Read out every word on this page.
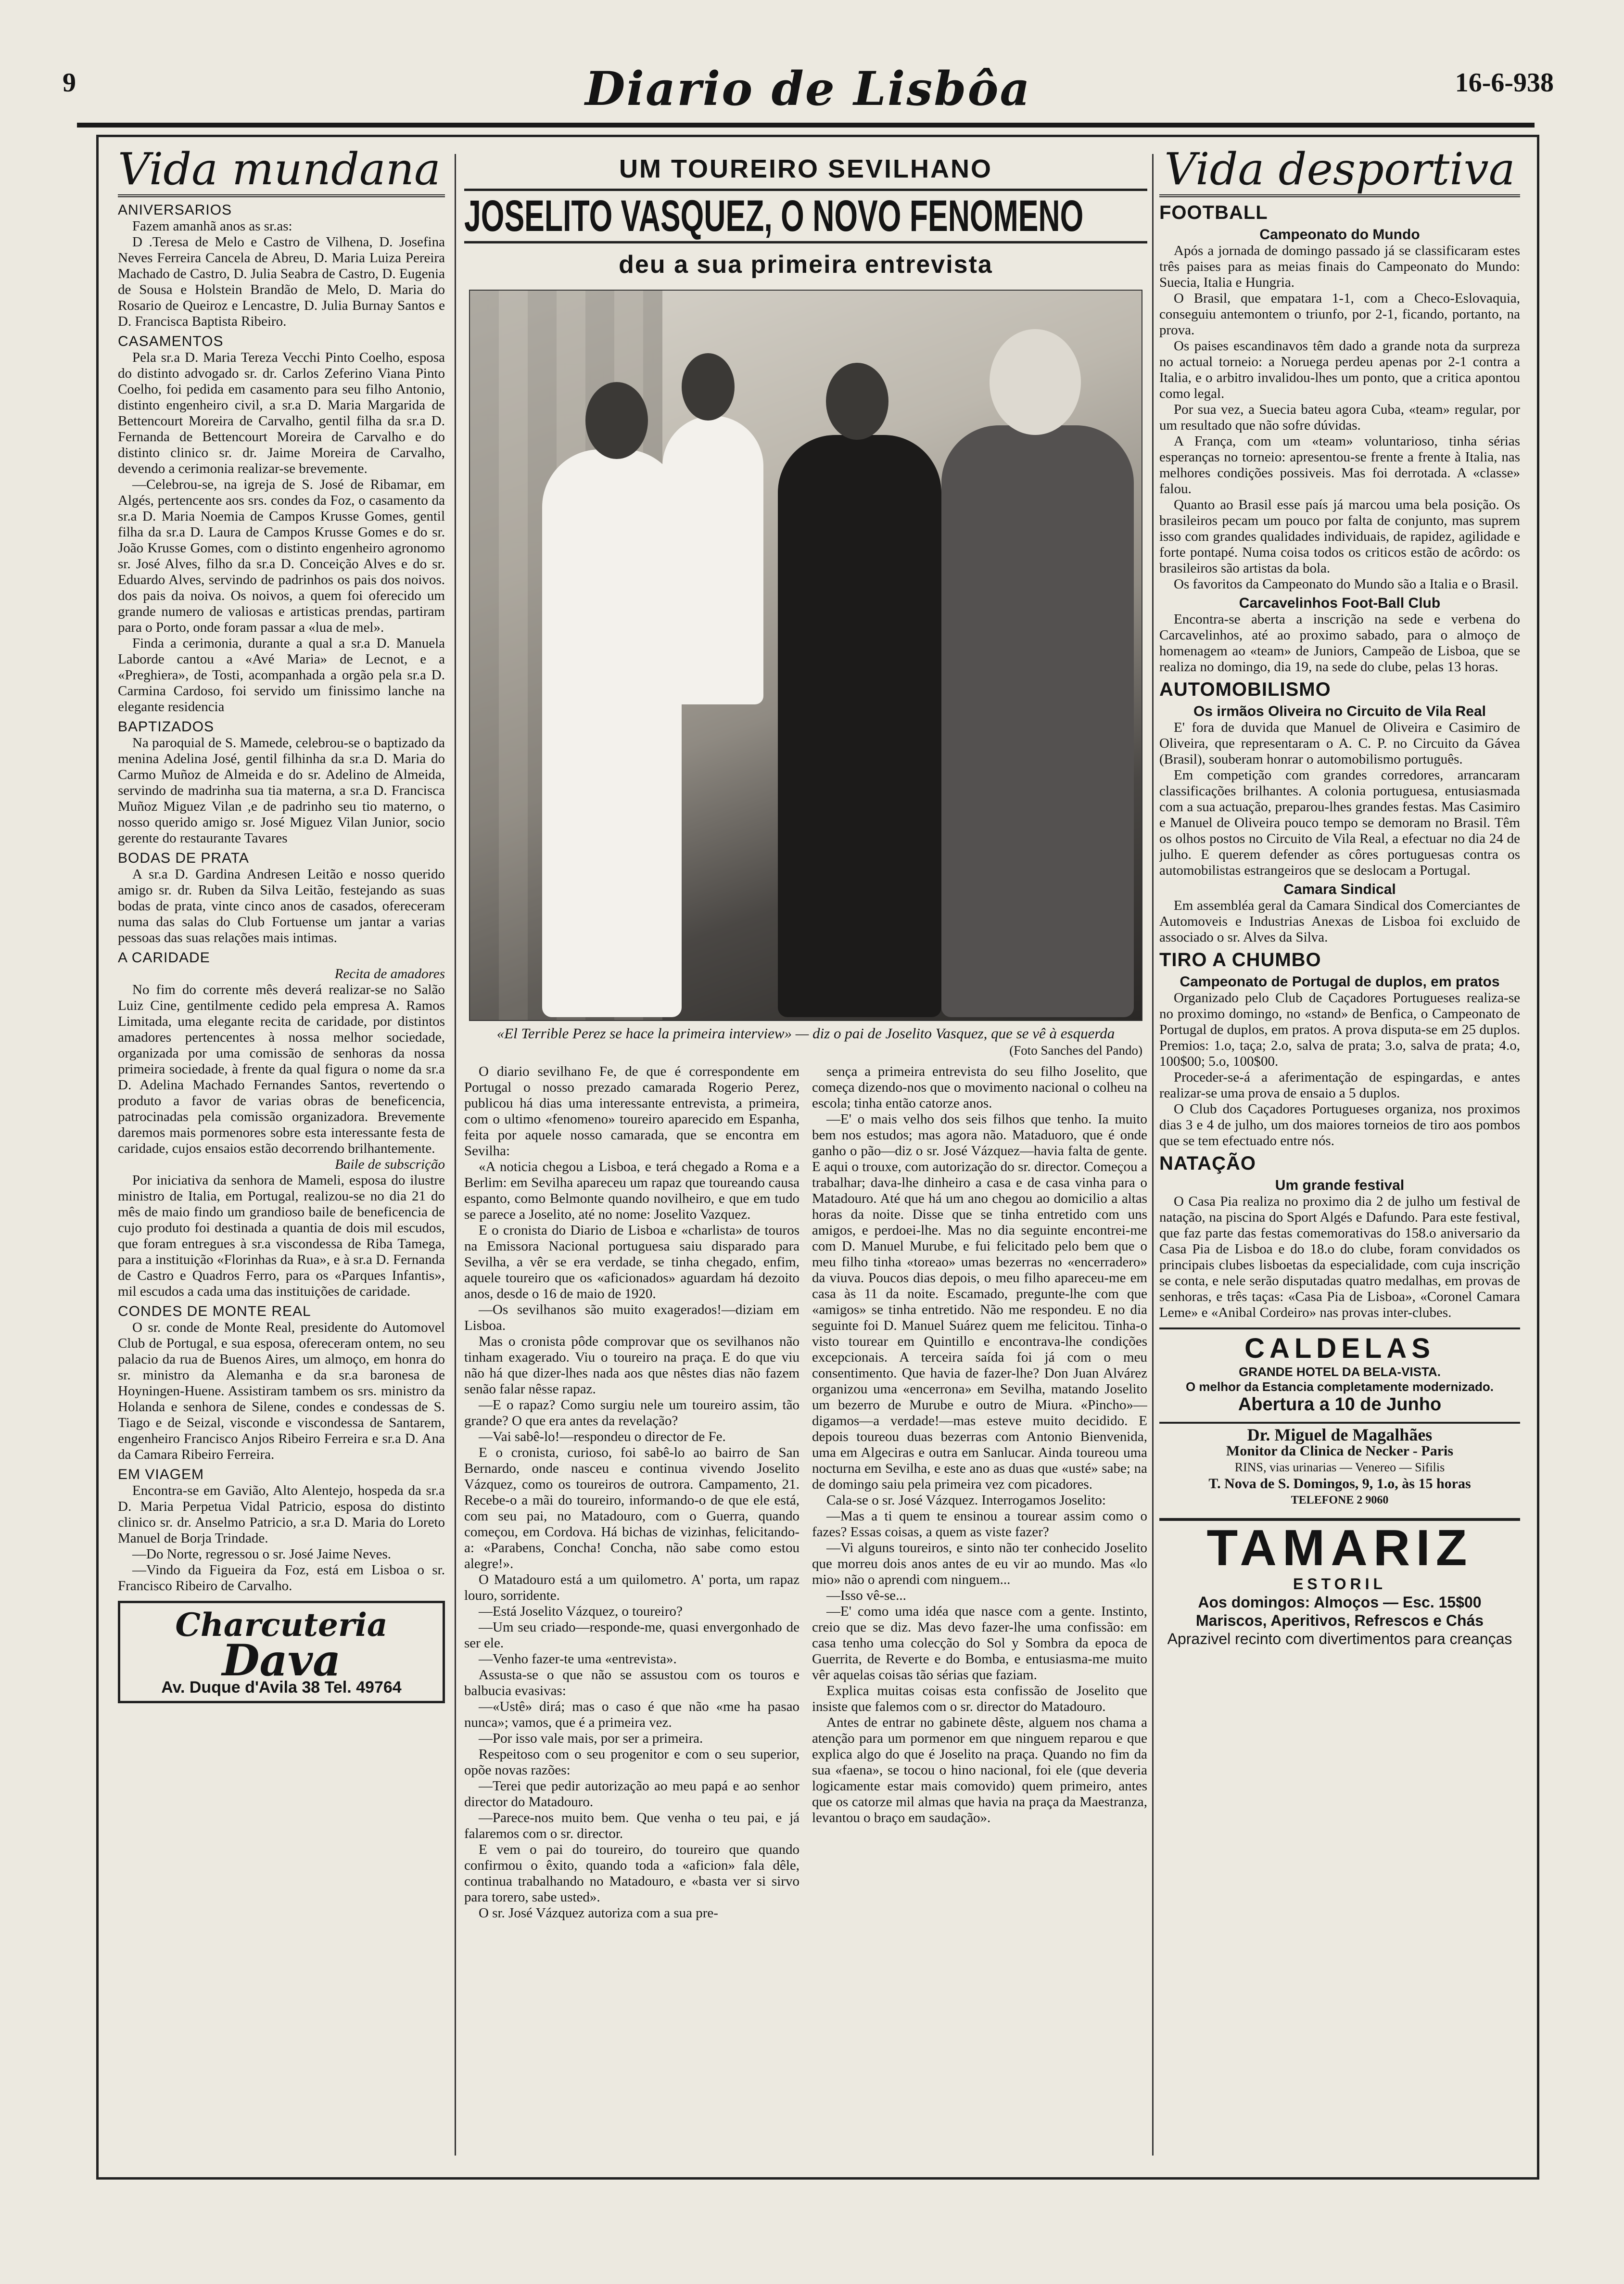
9	Diario de Lisbôa	16-6-938
Vida mundana
ANIVERSARIOS
Fazem amanhã anos as sr.as:
D .Teresa de Melo e Castro de Vilhena, D. Josefina Neves Ferreira Cancela de Abreu, D. Maria Luiza Pereira Machado de Castro, D. Julia Seabra de Castro, D. Eugenia de Sousa e Holstein Brandão de Melo, D. Maria do Rosario de Queiroz e Lencastre, D. Julia Burnay Santos e D. Francisca Baptista Ribeiro.
CASAMENTOS
Pela sr.a D. Maria Tereza Vecchi Pinto Coelho, esposa do distinto advogado sr. dr. Carlos Zeferino Viana Pinto Coelho, foi pedida em casamento para seu filho Antonio, distinto engenheiro civil, a sr.a D. Maria Margarida de Bettencourt Moreira de Carvalho, gentil filha da sr.a D. Fernanda de Bettencourt Moreira de Carvalho e do distinto clinico sr. dr. Jaime Moreira de Carvalho, devendo a cerimonia realizar-se brevemente.
—Celebrou-se, na igreja de S. José de Ribamar, em Algés, pertencente aos srs. condes da Foz, o casamento da sr.a D. Maria Noemia de Campos Krusse Gomes, gentil filha da sr.a D. Laura de Campos Krusse Gomes e do sr. João Krusse Gomes, com o distinto engenheiro agronomo sr. José Alves, filho da sr.a D. Conceição Alves e do sr. Eduardo Alves, servindo de padrinhos os pais dos noivos. dos pais da noiva. Os noivos, a quem foi oferecido um grande numero de valiosas e artisticas prendas, partiram para o Porto, onde foram passar a «lua de mel».
Finda a cerimonia, durante a qual a sr.a D. Manuela Laborde cantou a «Avé Maria» de Lecnot, e a «Preghiera», de Tosti, acompanhada a orgão pela sr.a D. Carmina Cardoso, foi servido um finissimo lanche na elegante residencia
BAPTIZADOS
Na paroquial de S. Mamede, celebrou-se o baptizado da menina Adelina José, gentil filhinha da sr.a D. Maria do Carmo Muñoz de Almeida e do sr. Adelino de Almeida, servindo de madrinha sua tia materna, a sr.a D. Francisca Muñoz Miguez Vilan ,e de padrinho seu tio materno, o nosso querido amigo sr. José Miguez Vilan Junior, socio gerente do restaurante Tavares
BODAS DE PRATA
A sr.a D. Gardina Andresen Leitão e nosso querido amigo sr. dr. Ruben da Silva Leitão, festejando as suas bodas de prata, vinte cinco anos de casados, ofereceram numa das salas do Club Fortuense um jantar a varias pessoas das suas relações mais intimas.
A CARIDADE
Recita de amadores
No fim do corrente mês deverá realizar-se no Salão Luiz Cine, gentilmente cedido pela empresa A. Ramos Limitada, uma elegante recita de caridade, por distintos amadores pertencentes à nossa melhor sociedade, organizada por uma comissão de senhoras da nossa primeira sociedade, à frente da qual figura o nome da sr.a D. Adelina Machado Fernandes Santos, revertendo o produto a favor de varias obras de beneficencia, patrocinadas pela comissão organizadora. Brevemente daremos mais pormenores sobre esta interessante festa de caridade, cujos ensaios estão decorrendo brilhantemente.
Baile de subscrição
Por iniciativa da senhora de Mameli, esposa do ilustre ministro de Italia, em Portugal, realizou-se no dia 21 do mês de maio findo um grandioso baile de beneficencia de cujo produto foi destinada a quantia de dois mil escudos, que foram entregues à sr.a viscondessa de Riba Tamega, para a instituição «Florinhas da Rua», e à sr.a D. Fernanda de Castro e Quadros Ferro, para os «Parques Infantis», mil escudos a cada uma das instituições de caridade.
CONDES DE MONTE REAL
O sr. conde de Monte Real, presidente do Automovel Club de Portugal, e sua esposa, ofereceram ontem, no seu palacio da rua de Buenos Aires, um almoço, em honra do sr. ministro da Alemanha e da sr.a baronesa de Hoyningen-Huene. Assistiram tambem os srs. ministro da Holanda e senhora de Silene, condes e condessas de S. Tiago e de Seizal, visconde e viscondessa de Santarem, engenheiro Francisco Anjos Ribeiro Ferreira e sr.a D. Ana da Camara Ribeiro Ferreira.
EM VIAGEM
Encontra-se em Gavião, Alto Alentejo, hospeda da sr.a D. Maria Perpetua Vidal Patricio, esposa do distinto clinico sr. dr. Anselmo Patricio, a sr.a D. Maria do Loreto Manuel de Borja Trindade.
—Do Norte, regressou o sr. José Jaime Neves.
—Vindo da Figueira da Foz, está em Lisboa o sr. Francisco Ribeiro de Carvalho.
Charcuteria
Dava
Av. Duque d'Avila 38 Tel. 49764
UM TOUREIRO SEVILHANO
JOSELITO VASQUEZ, O NOVO FENOMENO
deu a sua primeira entrevista
«El Terrible Perez se hace la primeira interview» — diz o pai de Joselito Vasquez, que se vê à esquerda
(Foto Sanches del Pando)
O diario sevilhano Fe, de que é correspondente em Portugal o nosso prezado camarada Rogerio Perez, publicou há dias uma interessante entrevista, a primeira, com o ultimo «fenomeno» toureiro aparecido em Espanha, feita por aquele nosso camarada, que se encontra em Sevilha:
«A noticia chegou a Lisboa, e terá chegado a Roma e a Berlim: em Sevilha apareceu um rapaz que toureando causa espanto, como Belmonte quando novilheiro, e que em tudo se parece a Joselito, até no nome: Joselito Vazquez.
E o cronista do Diario de Lisboa e «charlista» de touros na Emissora Nacional portuguesa saiu disparado para Sevilha, a vêr se era verdade, se tinha chegado, enfim, aquele toureiro que os «aficionados» aguardam há dezoito anos, desde o 16 de maio de 1920.
—Os sevilhanos são muito exagerados!—diziam em Lisboa.
Mas o cronista pôde comprovar que os sevilhanos não tinham exagerado. Viu o toureiro na praça. E do que viu não há que dizer-lhes nada aos que nêstes dias não fazem senão falar nêsse rapaz.
—E o rapaz? Como surgiu nele um toureiro assim, tão grande? O que era antes da revelação?
—Vai sabê-lo!—respondeu o director de Fe.
E o cronista, curioso, foi sabê-lo ao bairro de San Bernardo, onde nasceu e continua vivendo Joselito Vázquez, como os toureiros de outrora. Campamento, 21. Recebe-o a mãi do toureiro, informando-o de que ele está, com seu pai, no Matadouro, com o Guerra, quando começou, em Cordova. Há bichas de vizinhas, felicitando-a: «Parabens, Concha! Concha, não sabe como estou alegre!».
O Matadouro está a um quilometro. A' porta, um rapaz louro, sorridente.
—Está Joselito Vázquez, o toureiro?
—Um seu criado—responde-me, quasi envergonhado de ser ele.
—Venho fazer-te uma «entrevista».
Assusta-se o que não se assustou com os touros e balbucia evasivas:
—«Ustê» dirá; mas o caso é que não «me ha pasao nunca»; vamos, que é a primeira vez.
—Por isso vale mais, por ser a primeira.
Respeitoso com o seu progenitor e com o seu superior, opõe novas razões:
—Terei que pedir autorização ao meu papá e ao senhor director do Matadouro.
—Parece-nos muito bem. Que venha o teu pai, e já falaremos com o sr. director.
E vem o pai do toureiro, do toureiro que quando confirmou o êxito, quando toda a «aficion» fala dêle, continua trabalhando no Matadouro, e «basta ver si sirvo para torero, sabe usted».
O sr. José Vázquez autoriza com a sua pre-
sença a primeira entrevista do seu filho Joselito, que começa dizendo-nos que o movimento nacional o colheu na escola; tinha então catorze anos.
—E' o mais velho dos seis filhos que tenho. Ia muito bem nos estudos; mas agora não. Mataduoro, que é onde ganho o pão—diz o sr. José Vázquez—havia falta de gente. E aqui o trouxe, com autorização do sr. director. Começou a trabalhar; dava-lhe dinheiro a casa e de casa vinha para o Matadouro. Até que há um ano chegou ao domicilio a altas horas da noite. Disse que se tinha entretido com uns amigos, e perdoei-lhe. Mas no dia seguinte encontrei-me com D. Manuel Murube, e fui felicitado pelo bem que o meu filho tinha «toreao» umas bezerras no «encerradero» da viuva. Poucos dias depois, o meu filho apareceu-me em casa às 11 da noite. Escamado, pregunte-lhe com que «amigos» se tinha entretido. Não me respondeu. E no dia seguinte foi D. Manuel Suárez quem me felicitou. Tinha-o visto tourear em Quintillo e encontrava-lhe condições excepcionais. A terceira saída foi já com o meu consentimento. Que havia de fazer-lhe? Don Juan Alvárez organizou uma «encerrona» em Sevilha, matando Joselito um bezerro de Murube e outro de Miura. «Pincho»—digamos—a verdade!—mas esteve muito decidido. E depois toureou duas bezerras com Antonio Bienvenida, uma em Algeciras e outra em Sanlucar. Ainda toureou uma nocturna em Sevilha, e este ano as duas que «usté» sabe; na de domingo saiu pela primeira vez com picadores.
Cala-se o sr. José Vázquez. Interrogamos Joselito:
—Mas a ti quem te ensinou a tourear assim como o fazes? Essas coisas, a quem as viste fazer?
—Vi alguns toureiros, e sinto não ter conhecido Joselito que morreu dois anos antes de eu vir ao mundo. Mas «lo mio» não o aprendi com ninguem...
—Isso vê-se...
—E' como uma idéa que nasce com a gente. Instinto, creio que se diz. Mas devo fazer-lhe uma confissão: em casa tenho uma colecção do Sol y Sombra da epoca de Guerrita, de Reverte e do Bomba, e entusiasma-me muito vêr aquelas coisas tão sérias que faziam.
Explica muitas coisas esta confissão de Joselito que insiste que falemos com o sr. director do Matadouro.
Antes de entrar no gabinete dêste, alguem nos chama a atenção para um pormenor em que ninguem reparou e que explica algo do que é Joselito na praça. Quando no fim da sua «faena», se tocou o hino nacional, foi ele (que deveria logicamente estar mais comovido) quem primeiro, antes que os catorze mil almas que havia na praça da Maestranza, levantou o braço em saudação».
Vida desportiva
FOOTBALL
Campeonato do Mundo
Após a jornada de domingo passado já se classificaram estes três paises para as meias finais do Campeonato do Mundo: Suecia, Italia e Hungria.
O Brasil, que empatara 1-1, com a Checo-Eslovaquia, conseguiu antemontem o triunfo, por 2-1, ficando, portanto, na prova.
Os paises escandinavos têm dado a grande nota da surpreza no actual torneio: a Noruega perdeu apenas por 2-1 contra a Italia, e o arbitro invalidou-lhes um ponto, que a critica apontou como legal.
Por sua vez, a Suecia bateu agora Cuba, «team» regular, por um resultado que não sofre dúvidas.
A França, com um «team» voluntarioso, tinha sérias esperanças no torneio: apresentou-se frente a frente à Italia, nas melhores condições possiveis. Mas foi derrotada. A «classe» falou.
Quanto ao Brasil esse país já marcou uma bela posição. Os brasileiros pecam um pouco por falta de conjunto, mas suprem isso com grandes qualidades individuais, de rapidez, agilidade e forte pontapé. Numa coisa todos os criticos estão de acôrdo: os brasileiros são artistas da bola.
Os favoritos da Campeonato do Mundo são a Italia e o Brasil.
Carcavelinhos Foot-Ball Club
Encontra-se aberta a inscrição na sede e verbena do Carcavelinhos, até ao proximo sabado, para o almoço de homenagem ao «team» de Juniors, Campeão de Lisboa, que se realiza no domingo, dia 19, na sede do clube, pelas 13 horas.
AUTOMOBILISMO
Os irmãos Oliveira no Circuito de Vila Real
E' fora de duvida que Manuel de Oliveira e Casimiro de Oliveira, que representaram o A. C. P. no Circuito da Gávea (Brasil), souberam honrar o automobilismo português.
Em competição com grandes corredores, arrancaram classificações brilhantes. A colonia portuguesa, entusiasmada com a sua actuação, preparou-lhes grandes festas. Mas Casimiro e Manuel de Oliveira pouco tempo se demoram no Brasil. Têm os olhos postos no Circuito de Vila Real, a efectuar no dia 24 de julho. E querem defender as côres portuguesas contra os automobilistas estrangeiros que se deslocam a Portugal.
Camara Sindical
Em assembléa geral da Camara Sindical dos Comerciantes de Automoveis e Industrias Anexas de Lisboa foi excluido de associado o sr. Alves da Silva.
TIRO A CHUMBO
Campeonato de Portugal de duplos, em pratos
Organizado pelo Club de Caçadores Portugueses realiza-se no proximo domingo, no «stand» de Benfica, o Campeonato de Portugal de duplos, em pratos. A prova disputa-se em 25 duplos. Premios: 1.o, taça; 2.o, salva de prata; 3.o, salva de prata; 4.o, 100$00; 5.o, 100$00.
Proceder-se-á a aferimentação de espingardas, e antes realizar-se uma prova de ensaio a 5 duplos.
O Club dos Caçadores Portugueses organiza, nos proximos dias 3 e 4 de julho, um dos maiores torneios de tiro aos pombos que se tem efectuado entre nós.
NATAÇÃO
Um grande festival
O Casa Pia realiza no proximo dia 2 de julho um festival de natação, na piscina do Sport Algés e Dafundo. Para este festival, que faz parte das festas comemorativas do 158.o aniversario da Casa Pia de Lisboa e do 18.o do clube, foram convidados os principais clubes lisboetas da especialidade, com cuja inscrição se conta, e nele serão disputadas quatro medalhas, em provas de senhoras, e três taças: «Casa Pia de Lisboa», «Coronel Camara Leme» e «Anibal Cordeiro» nas provas inter-clubes.
CALDELAS
GRANDE HOTEL DA BELA-VISTA.
O melhor da Estancia completamente modernizado.
Abertura a 10 de Junho
Dr. Miguel de Magalhães
Monitor da Clinica de Necker - Paris
RINS, vias urinarias — Venereo — Sifilis
T. Nova de S. Domingos, 9, 1.o, às 15 horas
TELEFONE 2 9060
TAMARIZ
ESTORIL
Aos domingos: Almoços — Esc. 15$00
Mariscos, Aperitivos, Refrescos e Chás
Aprazivel recinto com divertimentos para creanças
